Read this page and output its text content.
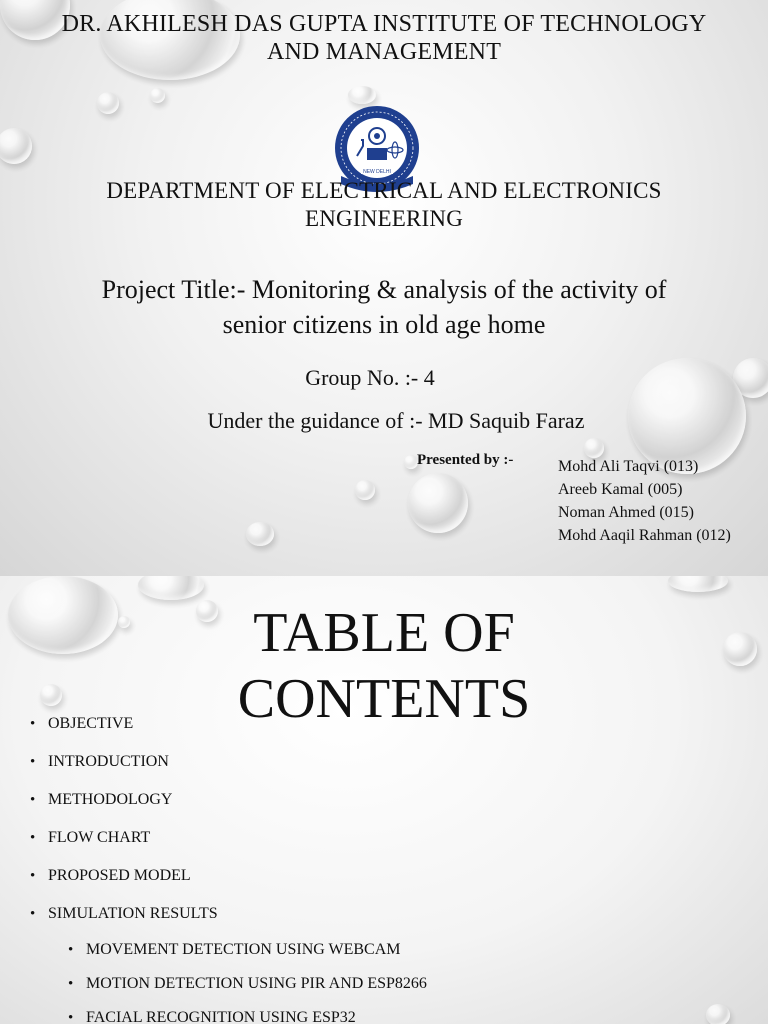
DR. AKHILESH DAS GUPTA INSTITUTE OF TECHNOLOGY AND MANAGEMENT
NEW DELHI
DEPARTMENT OF ELECTRICAL AND ELECTRONICS ENGINEERING
Project Title:- Monitoring & analysis of the activity of senior citizens in old age home
Group No. :- 4
Under the guidance of :- MD Saquib Faraz
Presented by :-	Mohd Ali Taqvi (013)
Areeb Kamal (005)
Noman Ahmed (015)
Mohd Aaqil Rahman (012)
TABLE OF CONTENTS
• OBJECTIVE
• INTRODUCTION
• METHODOLOGY
• FLOW CHART
• PROPOSED MODEL
• SIMULATION RESULTS
• MOVEMENT DETECTION USING WEBCAM
• MOTION DETECTION USING PIR AND ESP8266
• FACIAL RECOGNITION USING ESP32
